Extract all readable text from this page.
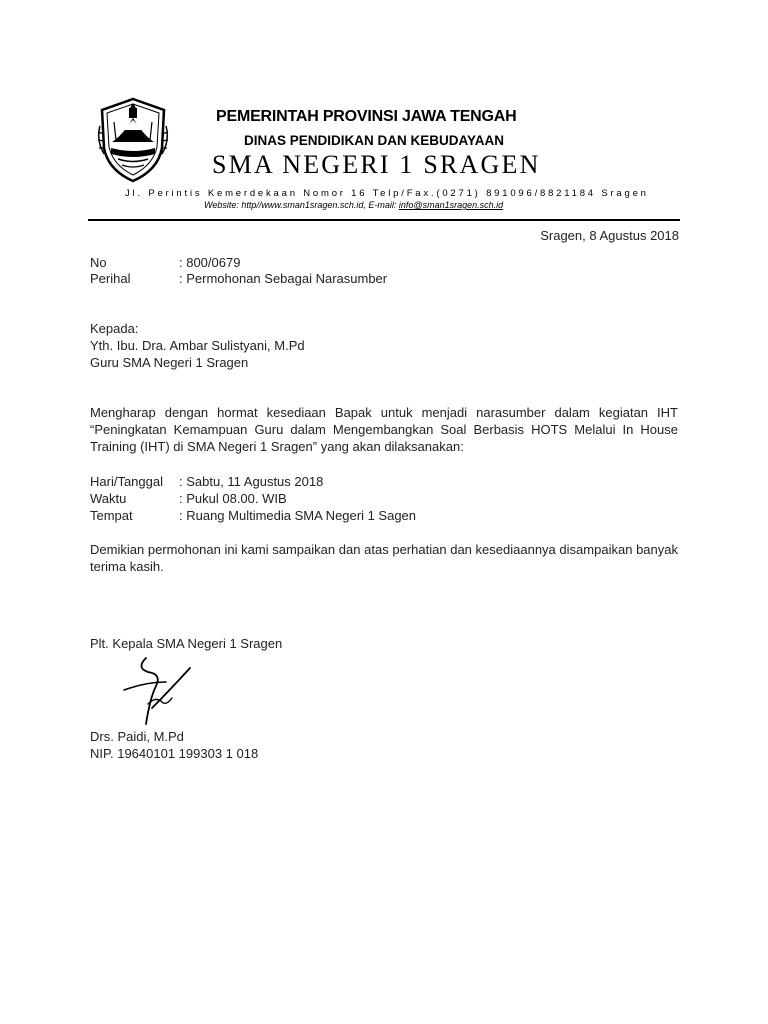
PEMERINTAH PROVINSI JAWA TENGAH
DINAS PENDIDIKAN DAN KEBUDAYAAN
SMA NEGERI 1 SRAGEN
Jl. Perintis Kemerdekaan Nomor 16 Telp/Fax.(0271) 891096/8821184 Sragen
Website: http//www.sman1sragen.sch.id, E-mail: info@sman1sragen.sch.id
Sragen, 8 Agustus 2018
No	: 800/0679
Perihal	: Permohonan Sebagai Narasumber
Kepada:
Yth. Ibu. Dra. Ambar Sulistyani, M.Pd
Guru SMA Negeri 1 Sragen
Mengharap dengan hormat kesediaan Bapak untuk menjadi narasumber dalam kegiatan IHT “Peningkatan Kemampuan Guru dalam Mengembangkan Soal Berbasis HOTS Melalui In House Training (IHT) di SMA Negeri 1 Sragen” yang akan dilaksanakan:
Hari/Tanggal : Sabtu, 11 Agustus 2018
Waktu	: Pukul 08.00. WIB
Tempat	: Ruang Multimedia SMA Negeri 1 Sagen
Demikian permohonan ini kami sampaikan dan atas perhatian dan kesediaannya disampaikan banyak terima kasih.
Plt. Kepala SMA Negeri 1 Sragen
Drs. Paidi, M.Pd
NIP. 19640101 199303 1 018
